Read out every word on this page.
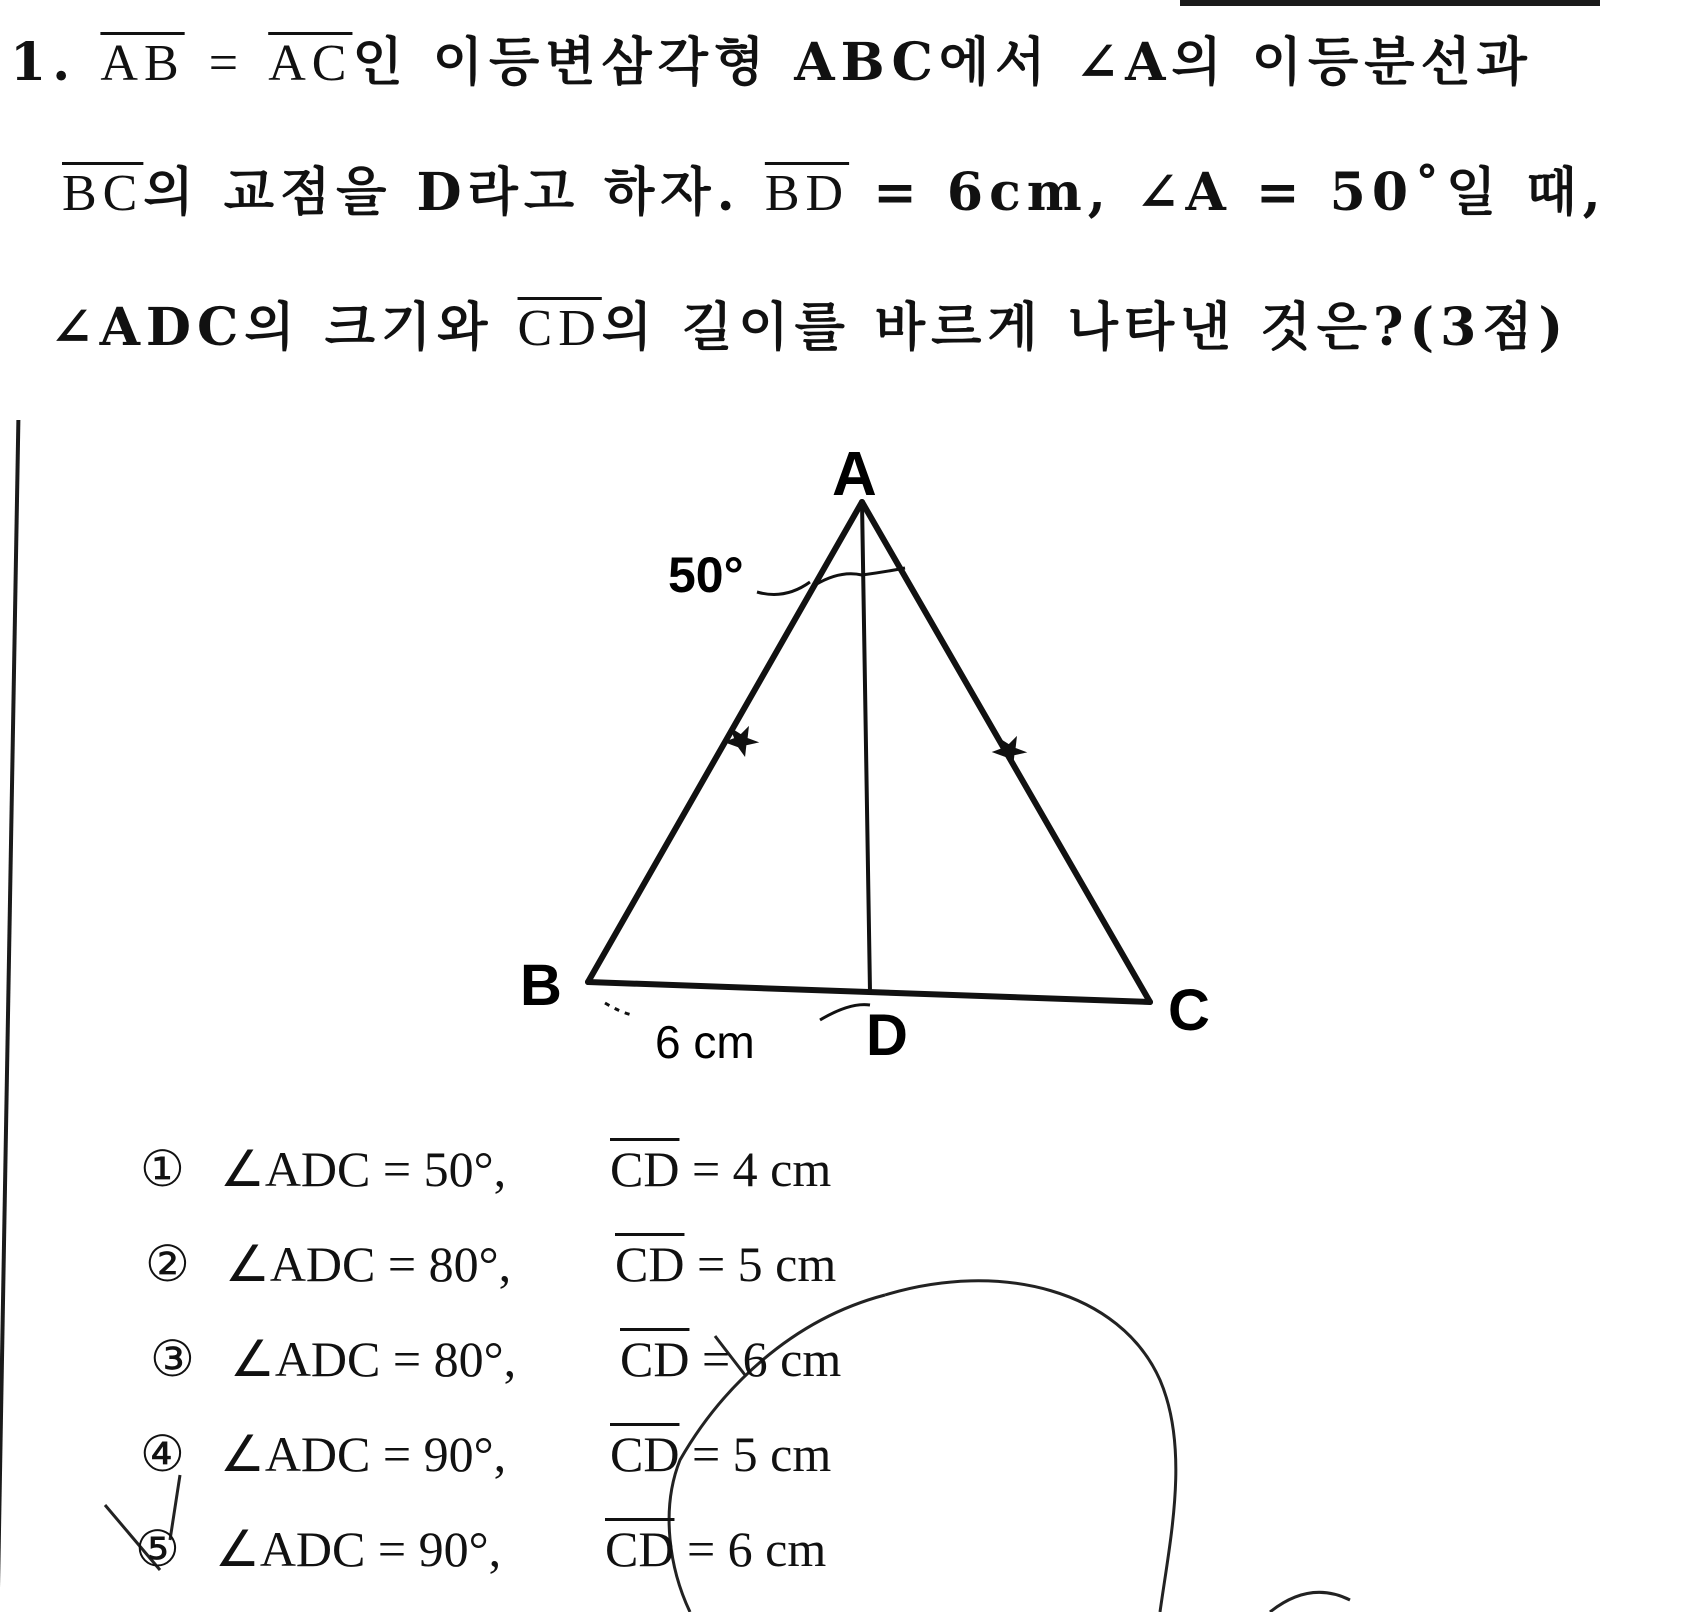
1. $\overline{AB} = \overline{AC}$인 이등변삼각형 ABC에서 ∠A의 이등분선과
$\overline{BC}$의 교점을 D라고 하자. $\overline{BD} = 6cm$, ∠A = 50˚일 때,
∠ADC의 크기와 $\overline{CD}$의 길이를 바르게 나타낸 것은?(3점)
A
B	C
D
50°
6 cm
① ∠ADC = 50°, $\overline{CD} = 4$ cm
② ∠ADC = 80°, $\overline{CD} = 5$ cm
③ ∠ADC = 80°, $\overline{CD} = 6$ cm
④ ∠ADC = 90°, $\overline{CD} = 5$ cm
⑤ ∠ADC = 90°, $\overline{CD} = 6$ cm
